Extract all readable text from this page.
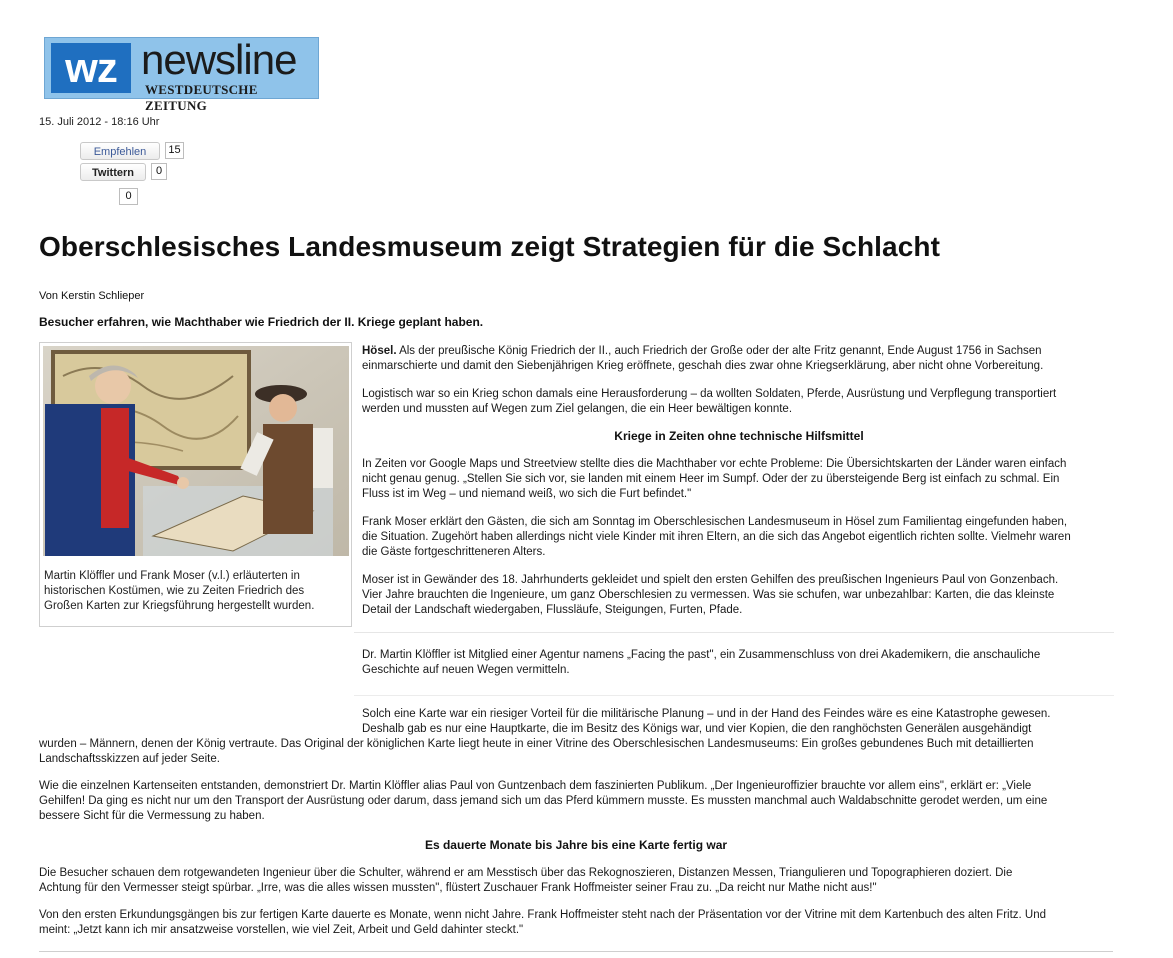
wz newsline
WESTDEUTSCHE ZEITUNG
15. Juli 2012 - 18:16 Uhr
Empfehlen	15
Twittern	0
0
Oberschlesisches Landesmuseum zeigt Strategien für die Schlacht
Von Kerstin Schlieper
Besucher erfahren, wie Machthaber wie Friedrich der II. Kriege geplant haben.
Martin Klöffler und Frank Moser (v.l.) erläuterten in historischen Kostümen, wie zu Zeiten Friedrich des Großen Karten zur Kriegsführung hergestellt wurden.
Hösel. Als der preußische König Friedrich der II., auch Friedrich der Große oder der alte Fritz genannt, Ende August 1756 in Sachsen
einmarschierte und damit den Siebenjährigen Krieg eröffnete, geschah dies zwar ohne Kriegserklärung, aber nicht ohne Vorbereitung.
Logistisch war so ein Krieg schon damals eine Herausforderung – da wollten Soldaten, Pferde, Ausrüstung und Verpflegung transportiert
werden und mussten auf Wegen zum Ziel gelangen, die ein Heer bewältigen konnte.
Kriege in Zeiten ohne technische Hilfsmittel
In Zeiten vor Google Maps und Streetview stellte dies die Machthaber vor echte Probleme: Die Übersichtskarten der Länder waren einfach
nicht genau genug. „Stellen Sie sich vor, sie landen mit einem Heer im Sumpf. Oder der zu übersteigende Berg ist einfach zu schmal. Ein
Fluss ist im Weg – und niemand weiß, wo sich die Furt befindet."
Frank Moser erklärt den Gästen, die sich am Sonntag im Oberschlesischen Landesmuseum in Hösel zum Familientag eingefunden haben,
die Situation. Zugehört haben allerdings nicht viele Kinder mit ihren Eltern, an die sich das Angebot eigentlich richten sollte. Vielmehr waren
die Gäste fortgeschritteneren Alters.
Moser ist in Gewänder des 18. Jahrhunderts gekleidet und spielt den ersten Gehilfen des preußischen Ingenieurs Paul von Gonzenbach.
Vier Jahre brauchten die Ingenieure, um ganz Oberschlesien zu vermessen. Was sie schufen, war unbezahlbar: Karten, die das kleinste
Detail der Landschaft wiedergaben, Flussläufe, Steigungen, Furten, Pfade.
Dr. Martin Klöffler ist Mitglied einer Agentur namens „Facing the past", ein Zusammenschluss von drei Akademikern, die anschauliche
Geschichte auf neuen Wegen vermitteln.
Solch eine Karte war ein riesiger Vorteil für die militärische Planung – und in der Hand des Feindes wäre es eine Katastrophe gewesen.
Deshalb gab es nur eine Hauptkarte, die im Besitz des Königs war, und vier Kopien, die den ranghöchsten Generälen ausgehändigt
wurden – Männern, denen der König vertraute. Das Original der königlichen Karte liegt heute in einer Vitrine des Oberschlesischen Landesmuseums: Ein großes gebundenes Buch mit detaillierten
Landschaftsskizzen auf jeder Seite.
Wie die einzelnen Kartenseiten entstanden, demonstriert Dr. Martin Klöffler alias Paul von Guntzenbach dem faszinierten Publikum. „Der Ingenieuroffizier brauchte vor allem eins", erklärt er: „Viele
Gehilfen! Da ging es nicht nur um den Transport der Ausrüstung oder darum, dass jemand sich um das Pferd kümmern musste. Es mussten manchmal auch Waldabschnitte gerodet werden, um eine
bessere Sicht für die Vermessung zu haben.
Es dauerte Monate bis Jahre bis eine Karte fertig war
Die Besucher schauen dem rotgewandeten Ingenieur über die Schulter, während er am Messtisch über das Rekognoszieren, Distanzen Messen, Triangulieren und Topographieren doziert. Die
Achtung für den Vermesser steigt spürbar. „Irre, was die alles wissen mussten", flüstert Zuschauer Frank Hoffmeister seiner Frau zu. „Da reicht nur Mathe nicht aus!"
Von den ersten Erkundungsgängen bis zur fertigen Karte dauerte es Monate, wenn nicht Jahre. Frank Hoffmeister steht nach der Präsentation vor der Vitrine mit dem Kartenbuch des alten Fritz. Und
meint: „Jetzt kann ich mir ansatzweise vorstellen, wie viel Zeit, Arbeit und Geld dahinter steckt."
